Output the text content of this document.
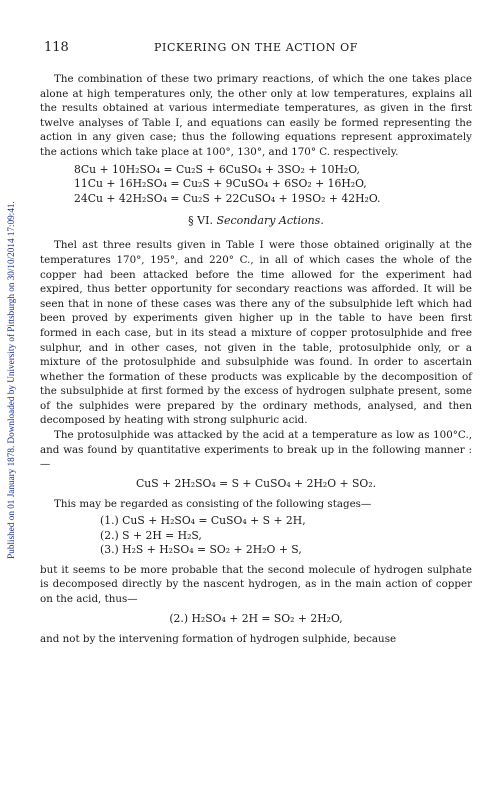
Published on 01 January 1878. Downloaded by University of Pittsburgh on 30/10/2014 17:09:41.
118	PICKERING ON THE ACTION OF

The combination of these two primary reactions, of which the one takes place alone at high temperatures only, the other only at low temperatures, explains all the results obtained at various intermediate temperatures, as given in the first twelve analyses of Table I, and equations can easily be formed representing the action in any given case; thus the following equations represent approximately the actions which take place at 100°, 130°, and 170° C. respectively.

8Cu + 10H₂SO₄ = Cu₂S + 6CuSO₄ + 3SO₂ + 10H₂O,
11Cu + 16H₂SO₄ = Cu₂S + 9CuSO₄ + 6SO₂ + 16H₂O,
24Cu + 42H₂SO₄ = Cu₂S + 22CuSO₄ + 19SO₂ + 42H₂O.
§ VI. Secondary Actions.

Thel ast three results given in Table I were those obtained originally at the temperatures 170°, 195°, and 220° C., in all of which cases the whole of the copper had been attacked before the time allowed for the experiment had expired, thus better opportunity for secondary reactions was afforded. It will be seen that in none of these cases was there any of the subsulphide left which had been proved by experiments given higher up in the table to have been first formed in each case, but in its stead a mixture of copper protosulphide and free sulphur, and in other cases, not given in the table, protosulphide only, or a mixture of the protosulphide and subsulphide was found. In order to ascertain whether the formation of these products was explicable by the decomposition of the subsulphide at first formed by the excess of hydrogen sulphate present, some of the sulphides were prepared by the ordinary methods, analysed, and then decomposed by heating with strong sulphuric acid.

The protosulphide was attacked by the acid at a temperature as low as 100°C., and was found by quantitative experiments to break up in the following manner :—

CuS + 2H₂SO₄ = S + CuSO₄ + 2H₂O + SO₂.

This may be regarded as consisting of the following stages—

(1.) CuS + H₂SO₄ = CuSO₄ + S + 2H,
(2.) S + 2H = H₂S,
(3.) H₂S + H₂SO₄ = SO₂ + 2H₂O + S,

but it seems to be more probable that the second molecule of hydrogen sulphate is decomposed directly by the nascent hydrogen, as in the main action of copper on the acid, thus—

(2.) H₂SO₄ + 2H = SO₂ + 2H₂O,

and not by the intervening formation of hydrogen sulphide, because
